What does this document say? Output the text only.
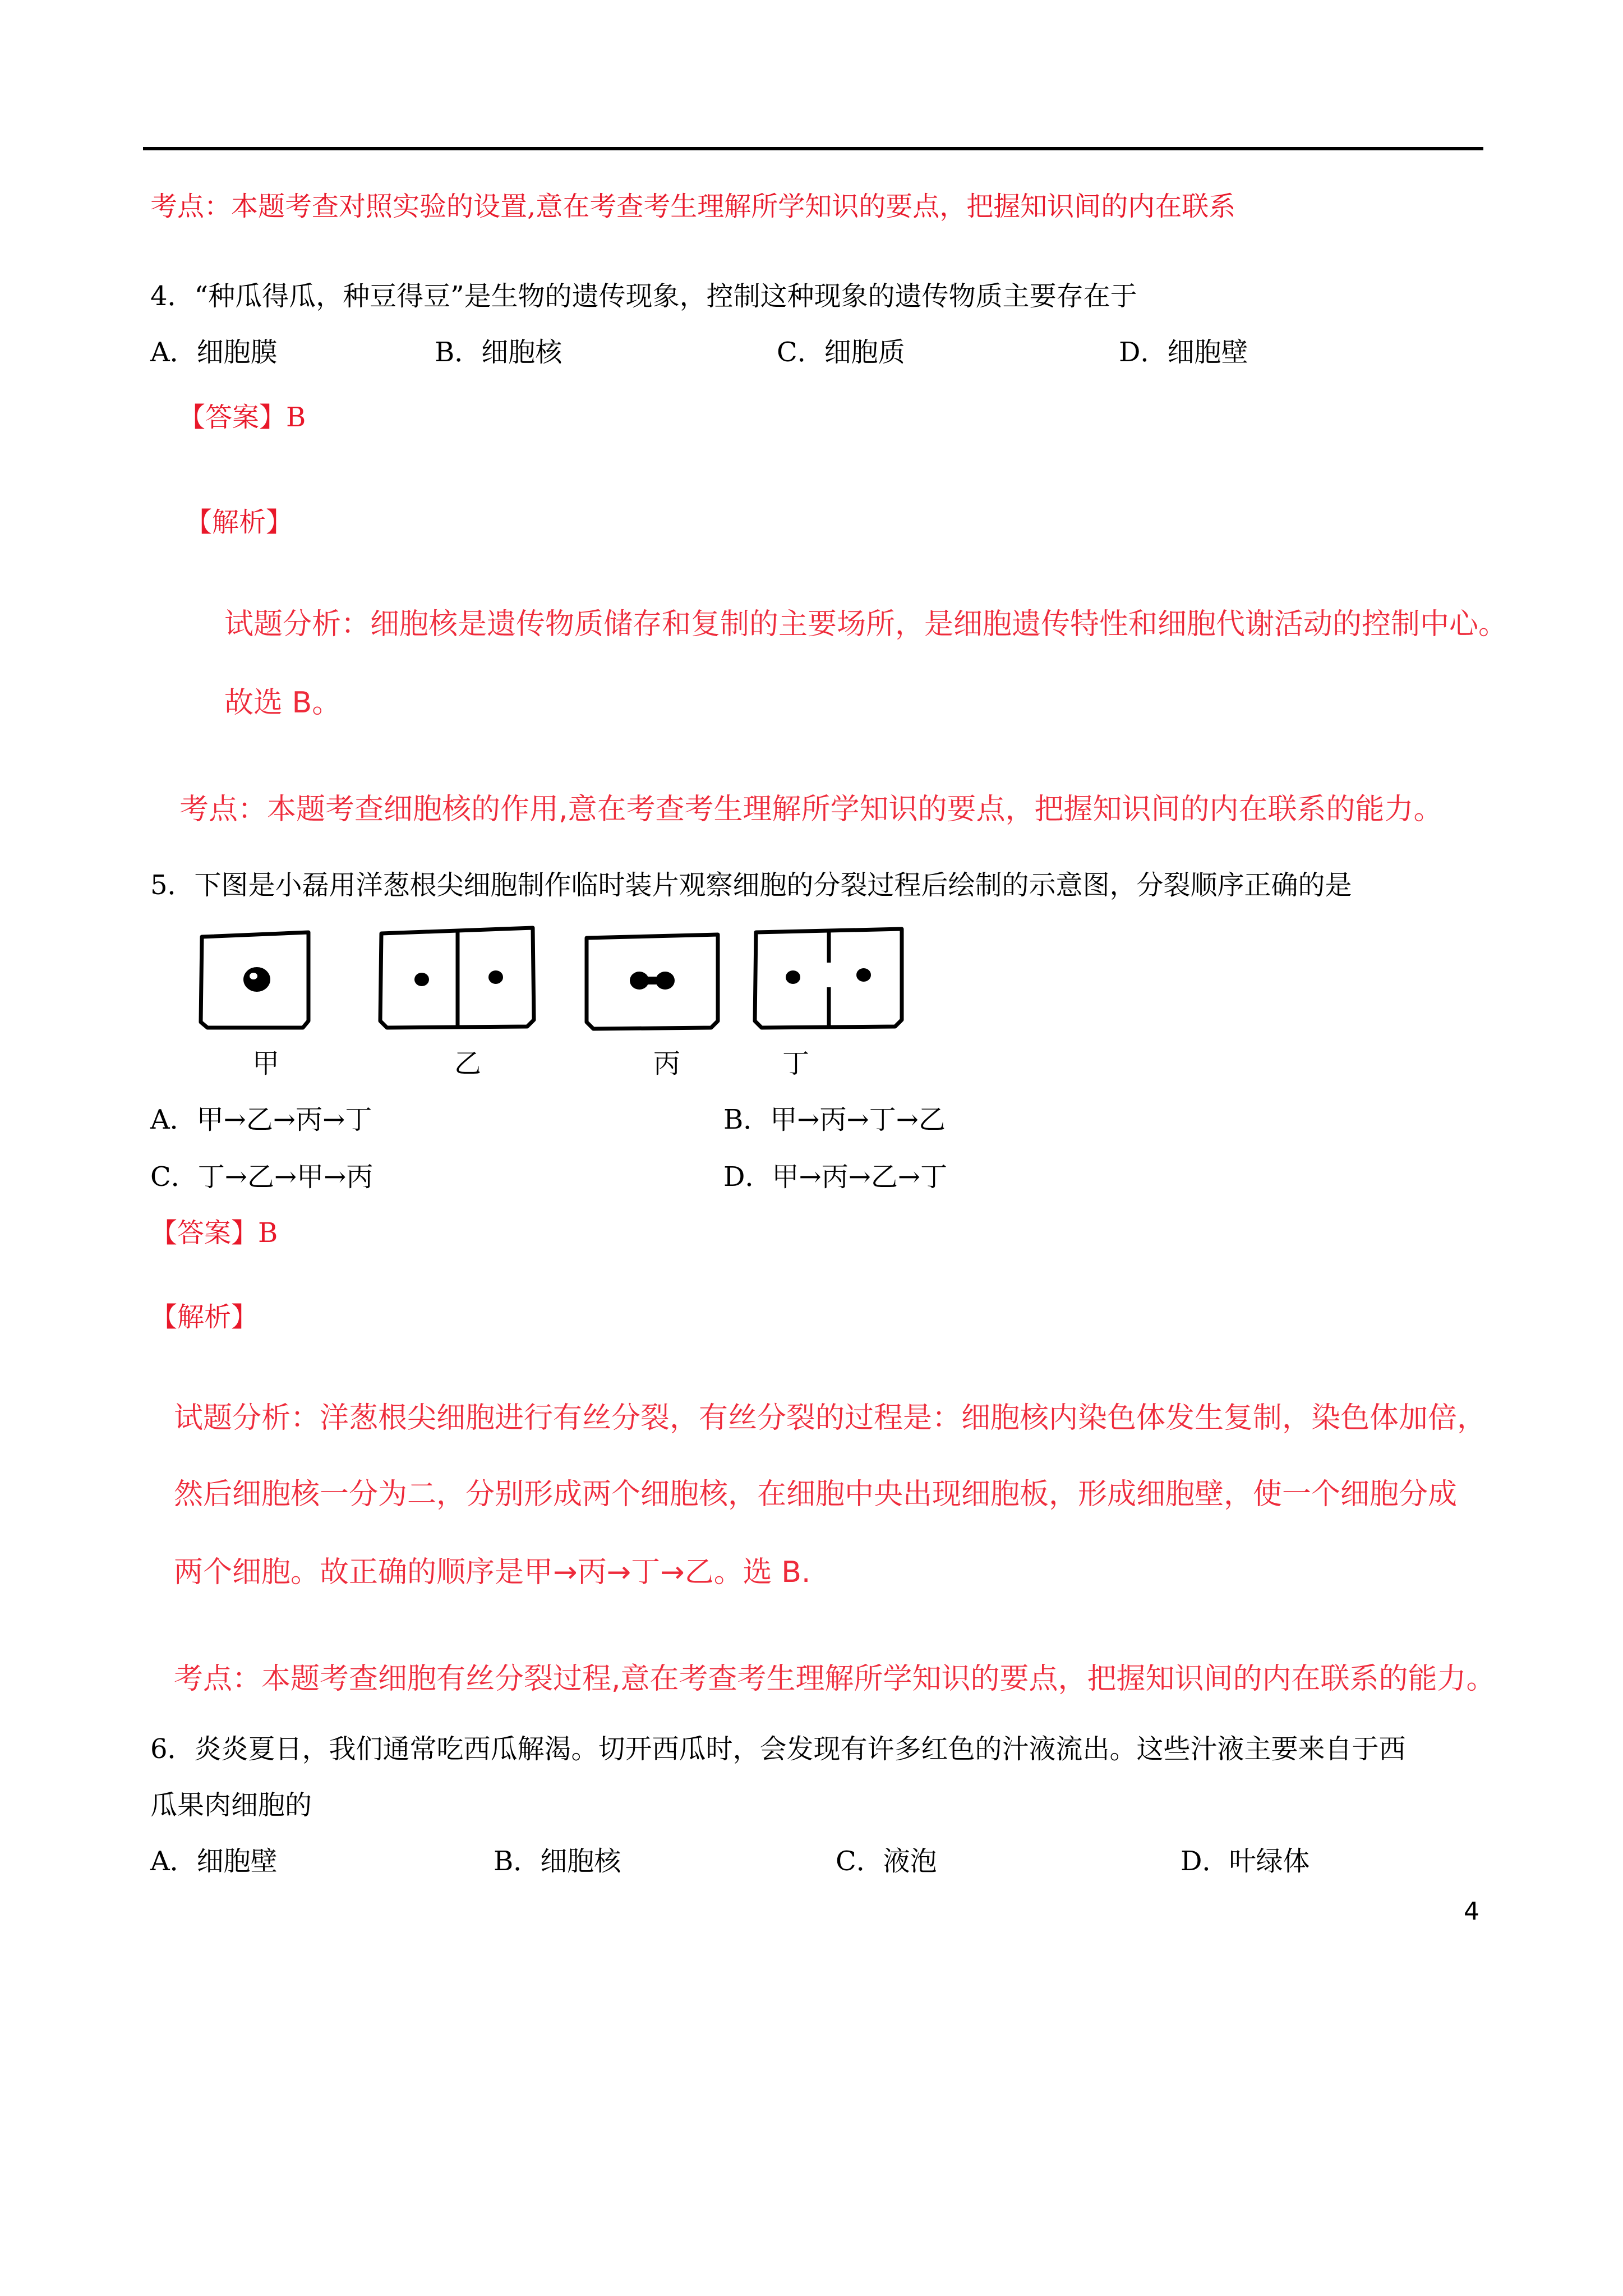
考点：本题考查对照实验的设置,意在考查考生理解所学知识的要点，把握知识间的内在联系
4．“种瓜得瓜，种豆得豆”是生物的遗传现象，控制这种现象的遗传物质主要存在于
A．细胞膜	B．细胞核	C．细胞质	D．细胞壁
【答案】B
【解析】
试题分析：细胞核是遗传物质储存和复制的主要场所，是细胞遗传特性和细胞代谢活动的控制中心。
故选 B。
考点：本题考查细胞核的作用,意在考查考生理解所学知识的要点，把握知识间的内在联系的能力。
5．下图是小磊用洋葱根尖细胞制作临时装片观察细胞的分裂过程后绘制的示意图，分裂顺序正确的是
甲	乙	丙	丁
A．甲→乙→丙→丁	B．甲→丙→丁→乙
C．丁→乙→甲→丙	D．甲→丙→乙→丁
【答案】B
【解析】
试题分析：洋葱根尖细胞进行有丝分裂，有丝分裂的过程是：细胞核内染色体发生复制，染色体加倍，
然后细胞核一分为二，分别形成两个细胞核，在细胞中央出现细胞板，形成细胞壁，使一个细胞分成
两个细胞。故正确的顺序是甲→丙→丁→乙。选 B.
考点：本题考查细胞有丝分裂过程,意在考查考生理解所学知识的要点，把握知识间的内在联系的能力。
6．炎炎夏日，我们通常吃西瓜解渴。切开西瓜时，会发现有许多红色的汁液流出。这些汁液主要来自于西
瓜果肉细胞的
A．细胞壁	B．细胞核	C．液泡	D．叶绿体
4
